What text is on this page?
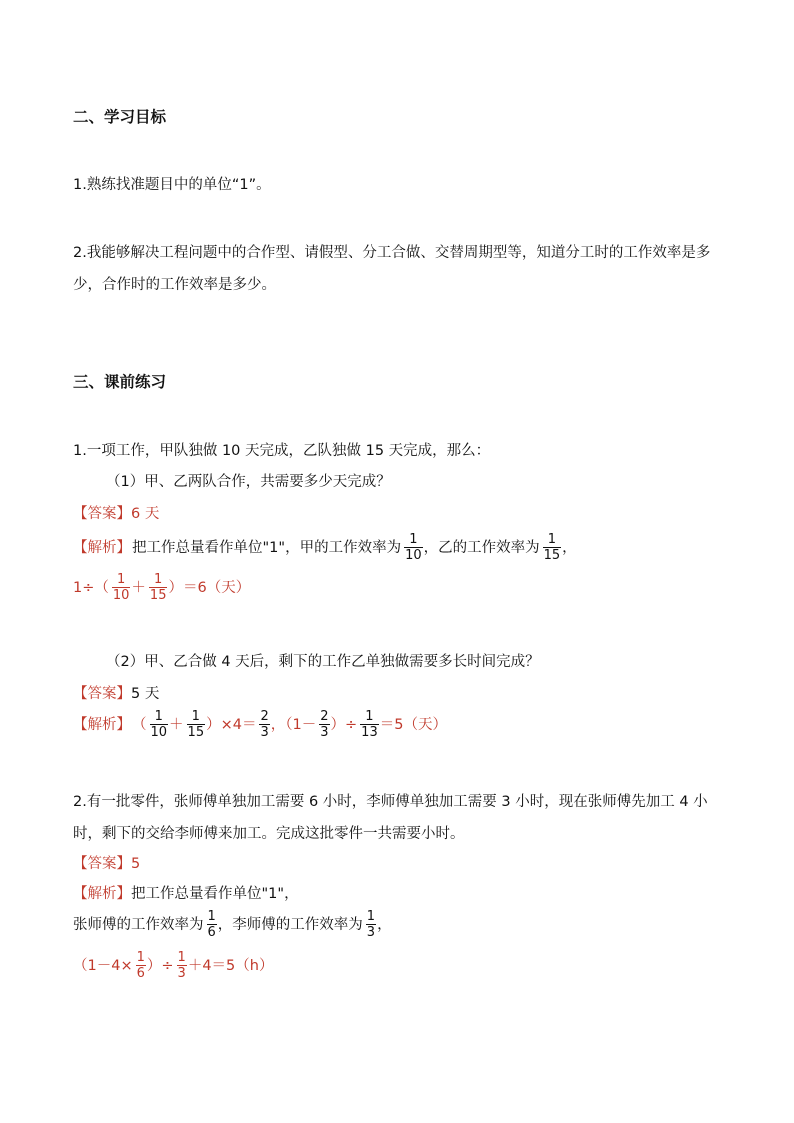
二、学习目标
1.熟练找准题目中的单位“1”。
2.我能够解决工程问题中的合作型、请假型、分工合做、交替周期型等，知道分工时的工作效率是多少，合作时的工作效率是多少。
三、课前练习
1.一项工作，甲队独做 10 天完成，乙队独做 15 天完成，那么：
（1）甲、乙两队合作，共需要多少天完成？
【答案】6 天
【解析】 把工作总量看作单位"1"，甲的工作效率为 $\frac{1}{10}$ ，乙的工作效率为 $\frac{1}{15}$ ，
$1\div( \frac{1}{10} + \frac{1}{15} )=6$（天）
（2）甲、乙合做 4 天后，剩下的工作乙单独做需要多长时间完成？
【答案】5 天
【解析】 （ $\frac{1}{10} + \frac{1}{15} )\times 4= \frac{2}{3}$ ，（$1- \frac{2}{3}$ ）÷ $\frac{1}{13} =5$（天）
2.有一批零件，张师傅单独加工需要 6 小时，李师傅单独加工需要 3 小时，现在张师傅先加工 4 小时，剩下的交给李师傅来加工。完成这批零件一共需要小时。
【答案】5
【解析】把工作总量看作单位"1"，
张师傅的工作效率为 $\frac{1}{6}$ ，李师傅的工作效率为 $\frac{1}{3}$ ，
（$1-4\times \frac{1}{6}$ ）÷ $\frac{1}{3} +4=5(h)$
